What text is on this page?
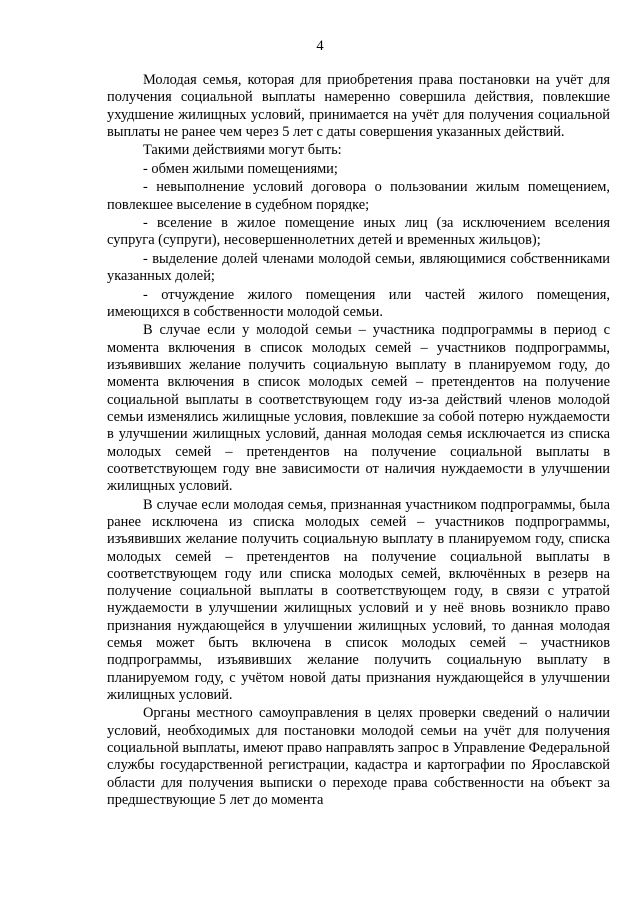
4

Молодая семья, которая для приобретения права постановки на учёт для получения социальной выплаты намеренно совершила действия, повлекшие ухудшение жилищных условий, принимается на учёт для получения социальной выплаты не ранее чем через 5 лет с даты совершения указанных действий.

Такими действиями могут быть:

- обмен жилыми помещениями;

- невыполнение условий договора о пользовании жилым помещением, повлекшее выселение в судебном порядке;

- вселение в жилое помещение иных лиц (за исключением вселения супруга (супруги), несовершеннолетних детей и временных жильцов);

- выделение долей членами молодой семьи, являющимися собственниками указанных долей;

- отчуждение жилого помещения или частей жилого помещения, имеющихся в собственности молодой семьи.

В случае если у молодой семьи – участника подпрограммы в период с момента включения в список молодых семей – участников подпрограммы, изъявивших желание получить социальную выплату в планируемом году, до момента включения в список молодых семей – претендентов на получение социальной выплаты в соответствующем году из-за действий членов молодой семьи изменялись жилищные условия, повлекшие за собой потерю нуждаемости в улучшении жилищных условий, данная молодая семья исключается из списка молодых семей – претендентов на получение социальной выплаты в соответствующем году вне зависимости от наличия нуждаемости в улучшении жилищных условий.

В случае если молодая семья, признанная участником подпрограммы, была ранее исключена из списка молодых семей – участников подпрограммы, изъявивших желание получить социальную выплату в планируемом году, списка молодых семей – претендентов на получение социальной выплаты в соответствующем году или списка молодых семей, включённых в резерв на получение социальной выплаты в соответствующем году, в связи с утратой нуждаемости в улучшении жилищных условий и у неё вновь возникло право признания нуждающейся в улучшении жилищных условий, то данная молодая семья может быть включена в список молодых семей – участников подпрограммы, изъявивших желание получить социальную выплату в планируемом году, с учётом новой даты признания нуждающейся в улучшении жилищных условий.

Органы местного самоуправления в целях проверки сведений о наличии условий, необходимых для постановки молодой семьи на учёт для получения социальной выплаты, имеют право направлять запрос в Управление Федеральной службы государственной регистрации, кадастра и картографии по Ярославской области для получения выписки о переходе права собственности на объект за предшествующие 5 лет до момента
